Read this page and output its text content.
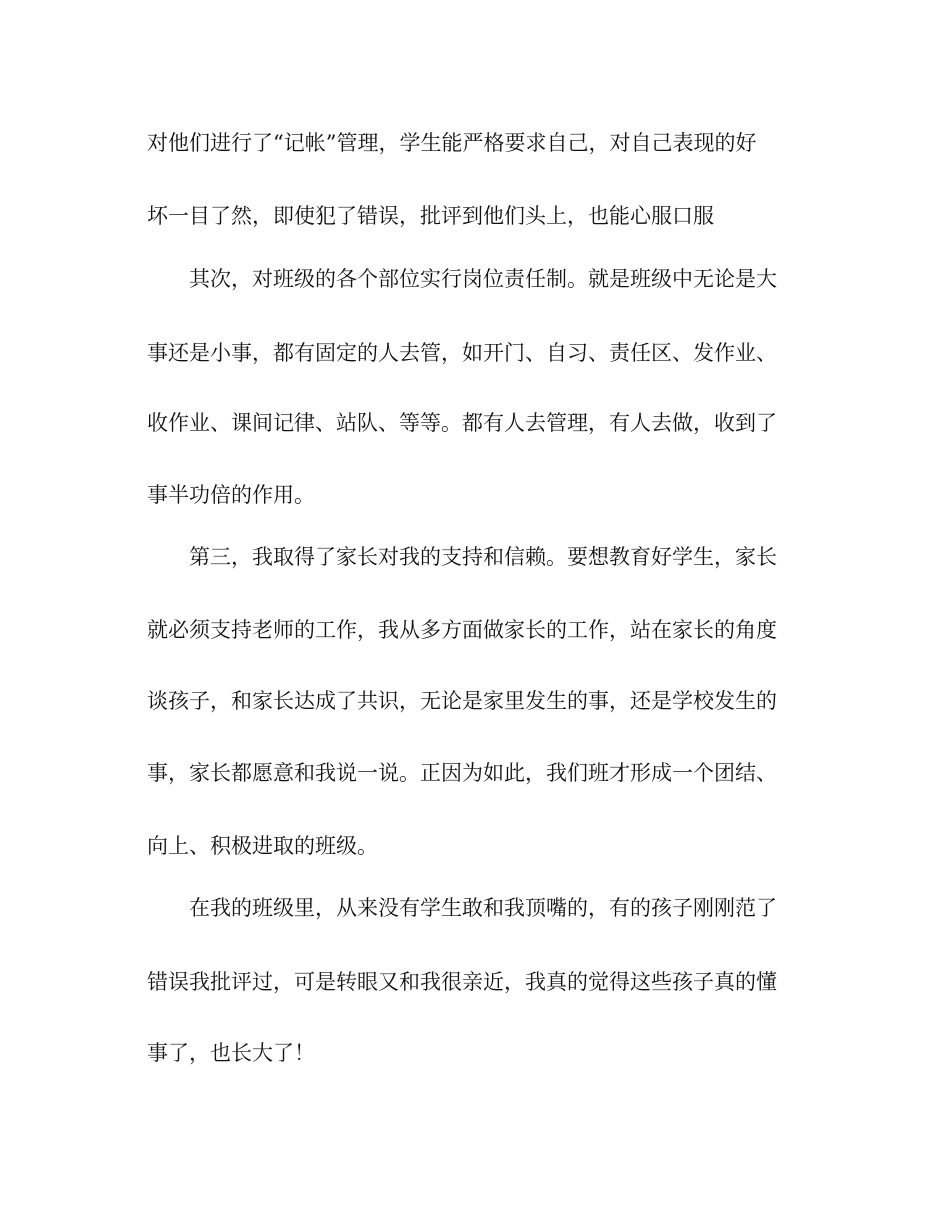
对他们进行了“记帐”管理，学生能严格要求自己，对自己表现的好
坏一目了然，即使犯了错误，批评到他们头上，也能心服口服
其次，对班级的各个部位实行岗位责任制。就是班级中无论是大
事还是小事，都有固定的人去管，如开门、自习、责任区、发作业、
收作业、课间记律、站队、等等。都有人去管理，有人去做，收到了
事半功倍的作用。
第三，我取得了家长对我的支持和信赖。要想教育好学生，家长
就必须支持老师的工作，我从多方面做家长的工作，站在家长的角度
谈孩子，和家长达成了共识，无论是家里发生的事，还是学校发生的
事，家长都愿意和我说一说。正因为如此，我们班才形成一个团结、
向上、积极进取的班级。
在我的班级里，从来没有学生敢和我顶嘴的，有的孩子刚刚范了
错误我批评过，可是转眼又和我很亲近，我真的觉得这些孩子真的懂
事了，也长大了！
